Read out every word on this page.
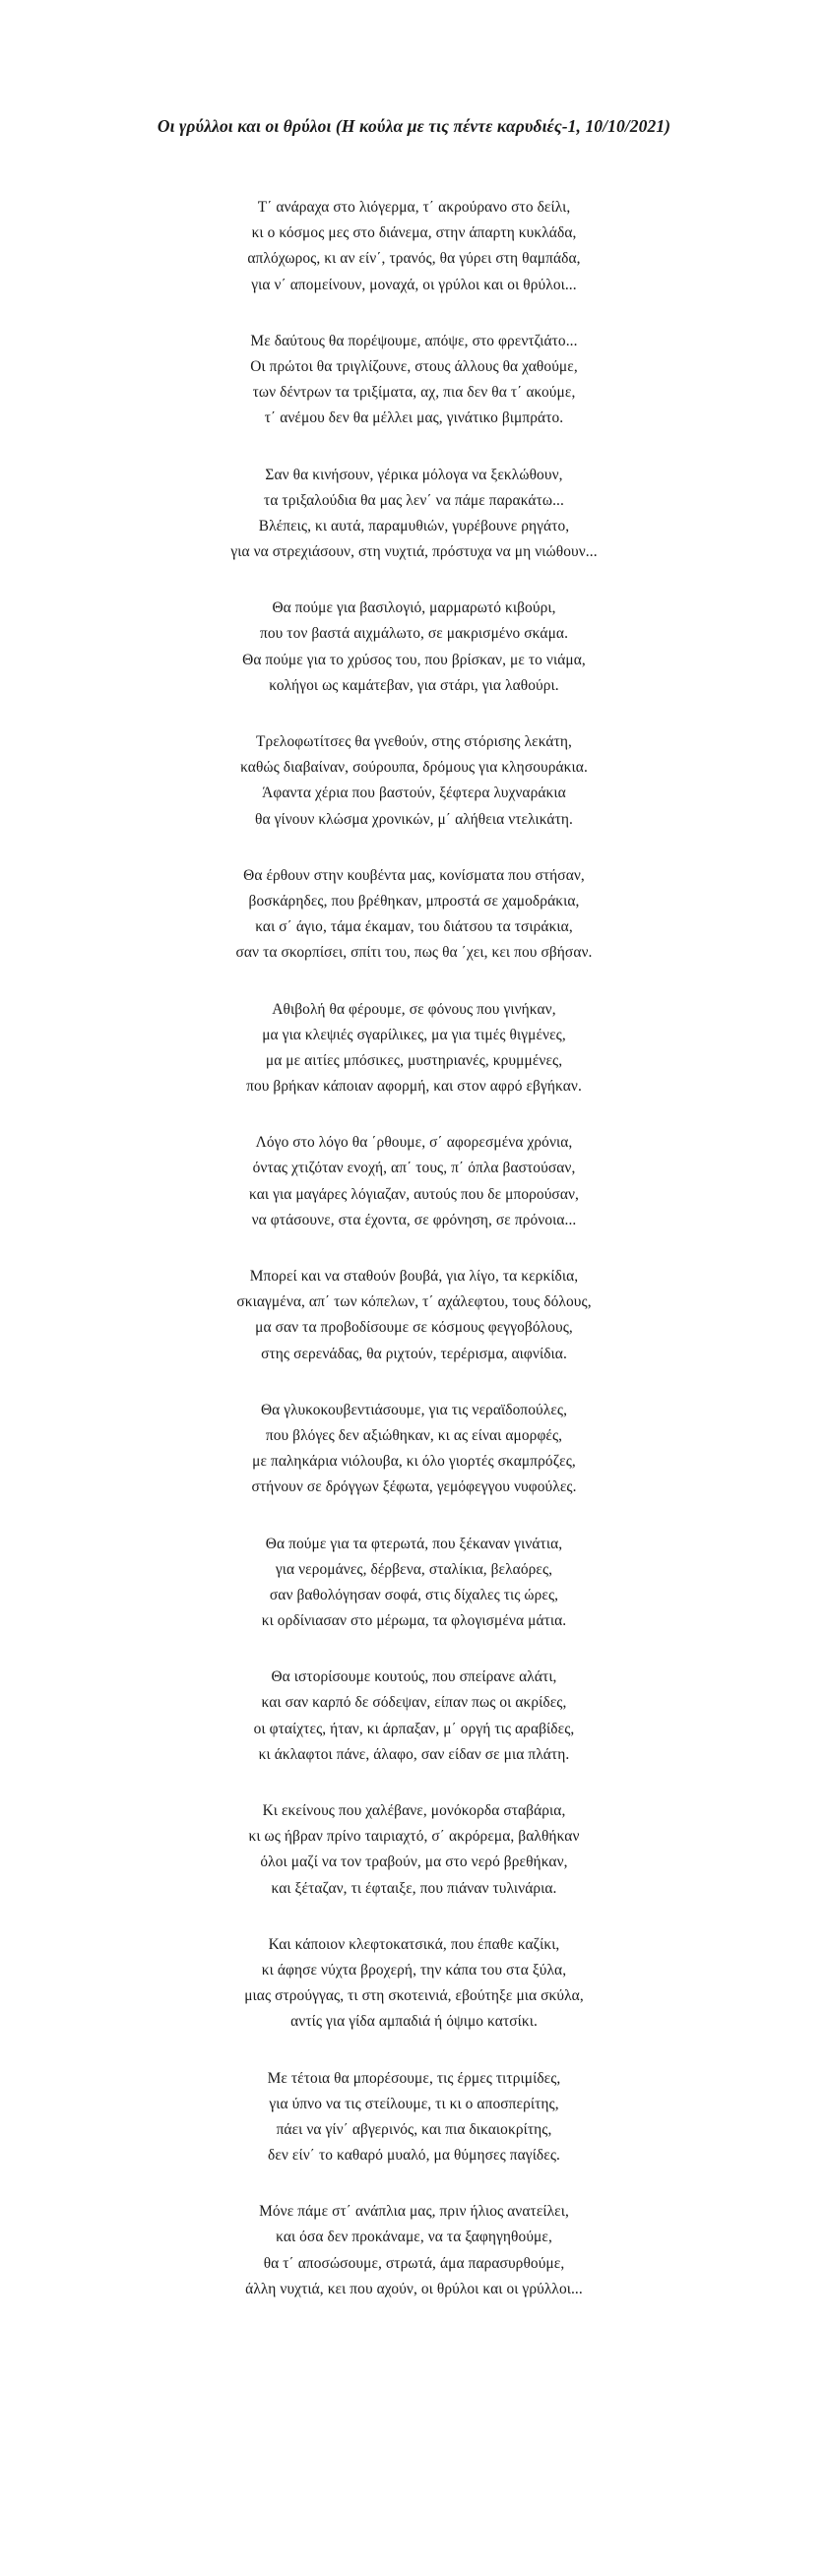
Οι γρύλλοι και οι θρύλοι (Η κούλα με τις πέντε καρυδιές-1, 10/10/2021)
Τ΄ ανάραχα στο λιόγερμα, τ΄ ακρούρανο στο δείλι,
κι ο κόσμος μες στο διάνεμα, στην άπαρτη κυκλάδα,
απλόχωρος, κι αν είν΄, τρανός, θα γύρει στη θαμπάδα,
για ν΄ απομείνουν, μοναχά, οι γρύλοι και οι θρύλοι...
Με δαύτους θα πορέψουμε, απόψε, στο φρεντζιάτο...
Οι πρώτοι θα τριγλίζουνε, στους άλλους θα χαθούμε,
των δέντρων τα τριξίματα, αχ, πια δεν θα τ΄ ακούμε,
τ΄ ανέμου δεν θα μέλλει μας, γινάτικο βιμπράτο.
Σαν θα κινήσουν, γέρικα μόλογα να ξεκλώθουν,
τα τριξαλούδια θα μας λεν΄ να πάμε παρακάτω...
Βλέπεις, κι αυτά, παραμυθιών, γυρέβουνε ρηγάτο,
για να στρεχιάσουν, στη νυχτιά, πρόστυχα να μη νιώθουν...
Θα πούμε για βασιλογιό, μαρμαρωτό κιβούρι,
που τον βαστά αιχμάλωτο, σε μακρισμένο σκάμα.
Θα πούμε για το χρύσος του, που βρίσκαν, με το νιάμα,
κολήγοι ως καμάτεβαν, για στάρι, για λαθούρι.
Τρελοφωτίτσες θα γνεθούν, στης στόρισης λεκάτη,
καθώς διαβαίναν, σούρουπα, δρόμους για κλησουράκια.
Άφαντα χέρια που βαστούν, ξέφτερα λυχναράκια
θα γίνουν κλώσμα χρονικών, μ΄ αλήθεια ντελικάτη.
Θα έρθουν στην κουβέντα μας, κονίσματα που στήσαν,
βοσκάρηδες, που βρέθηκαν, μπροστά σε χαμοδράκια,
και σ΄ άγιο, τάμα έκαμαν, του διάτσου τα τσιράκια,
σαν τα σκορπίσει, σπίτι του, πως θα ΄χει, κει που σβήσαν.
Αθιβολή θα φέρουμε, σε φόνους που γινήκαν,
μα για κλεψιές σγαρίλικες, μα για τιμές θιγμένες,
μα με αιτίες μπόσικες, μυστηριανές, κρυμμένες,
που βρήκαν κάποιαν αφορμή, και στον αφρό εβγήκαν.
Λόγο στο λόγο θα ΄ρθουμε, σ΄ αφορεσμένα χρόνια,
όντας χτιζόταν ενοχή, απ΄ τους, π΄ όπλα βαστούσαν,
και για μαγάρες λόγιαζαν, αυτούς που δε μπορούσαν,
να φτάσουνε, στα έχοντα, σε φρόνηση, σε πρόνοια...
Μπορεί και να σταθούν βουβά, για λίγο, τα κερκίδια,
σκιαγμένα, απ΄ των κόπελων, τ΄ αχάλεφτου, τους δόλους,
μα σαν τα προβοδίσουμε σε κόσμους φεγγοβόλους,
στης σερενάδας, θα ριχτούν, τερέρισμα, αιφνίδια.
Θα γλυκοκουβεντιάσουμε, για τις νεραϊδοπούλες,
που βλόγες δεν αξιώθηκαν, κι ας είναι αμορφές,
με παληκάρια νιόλουβα, κι όλο γιορτές σκαμπρόζες,
στήνουν σε δρόγγων ξέφωτα, γεμόφεγγου νυφούλες.
Θα πούμε για τα φτερωτά, που ξέκαναν γινάτια,
για νερομάνες, δέρβενα, σταλίκια, βελαόρες,
σαν βαθολόγησαν σοφά, στις δίχαλες τις ώρες,
κι ορδίνιασαν στο μέρωμα, τα φλογισμένα μάτια.
Θα ιστορίσουμε κουτούς, που σπείρανε αλάτι,
και σαν καρπό δε σόδεψαν, είπαν πως οι ακρίδες,
οι φταίχτες, ήταν, κι άρπαξαν, μ΄ οργή τις αραβίδες,
κι άκλαφτοι πάνε, άλαφο, σαν είδαν σε μια πλάτη.
Κι εκείνους που χαλέβανε, μονόκορδα σταβάρια,
κι ως ήβραν πρίνο ταιριαχτό, σ΄ ακρόρεμα, βαλθήκαν
όλοι μαζί να τον τραβούν, μα στο νερό βρεθήκαν,
και ξέταζαν, τι έφταιξε, που πιάναν τυλινάρια.
Και κάποιον κλεφτοκατσικά, που έπαθε καζίκι,
κι άφησε νύχτα βροχερή, την κάπα του στα ξύλα,
μιας στρούγγας, τι στη σκοτεινιά, εβούτηξε μια σκύλα,
αντίς για γίδα αμπαδιά ή όψιμο κατσίκι.
Με τέτοια θα μπορέσουμε, τις έρμες τιτριμίδες,
για ύπνο να τις στείλουμε, τι κι ο αποσπερίτης,
πάει να γίν΄ αβγερινός, και πια δικαιοκρίτης,
δεν είν΄ το καθαρό μυαλό, μα θύμησες παγίδες.
Μόνε πάμε στ΄ ανάπλια μας, πριν ήλιος ανατείλει,
και όσα δεν προκάναμε, να τα ξαφηγηθούμε,
θα τ΄ αποσώσουμε, στρωτά, άμα παρασυρθούμε,
άλλη νυχτιά, κει που αχούν, οι θρύλοι και οι γρύλλοι...
